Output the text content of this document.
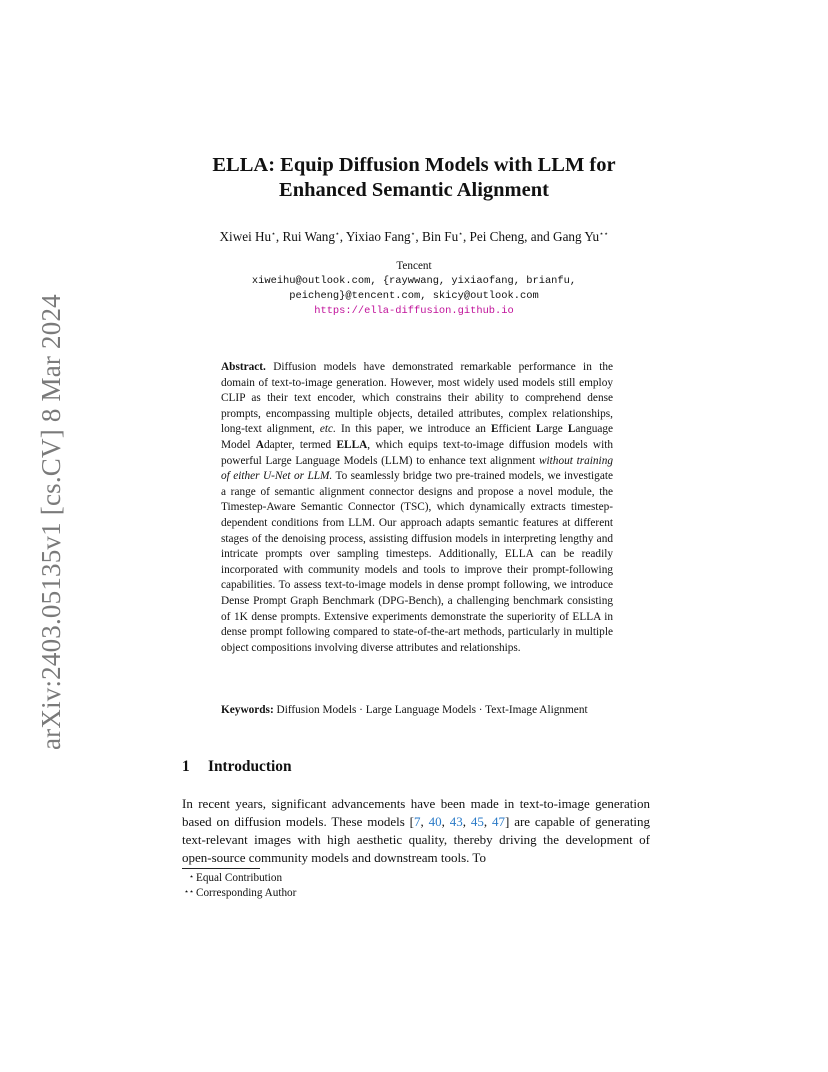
arXiv:2403.05135v1 [cs.CV] 8 Mar 2024
ELLA: Equip Diffusion Models with LLM for
Enhanced Semantic Alignment
Xiwei Hu⋆, Rui Wang⋆, Yixiao Fang⋆, Bin Fu⋆, Pei Cheng, and Gang Yu⋆⋆
Tencent
xiweihu@outlook.com, {raywwang, yixiaofang, brianfu,
peicheng}@tencent.com, skicy@outlook.com
https://ella-diffusion.github.io
Abstract. Diffusion models have demonstrated remarkable performance in the domain of text-to-image generation. However, most widely used models still employ CLIP as their text encoder, which constrains their ability to comprehend dense prompts, encompassing multiple objects, detailed attributes, complex relationships, long-text alignment, etc. In this paper, we introduce an Efficient Large Language Model Adapter, termed ELLA, which equips text-to-image diffusion models with powerful Large Language Models (LLM) to enhance text alignment without training of either U-Net or LLM. To seamlessly bridge two pre-trained models, we investigate a range of semantic alignment connector designs and propose a novel module, the Timestep-Aware Semantic Connector (TSC), which dynamically extracts timestep-dependent conditions from LLM. Our approach adapts semantic features at different stages of the denoising process, assisting diffusion models in interpreting lengthy and intricate prompts over sampling timesteps. Additionally, ELLA can be readily incorporated with community models and tools to improve their prompt-following capabilities. To assess text-to-image models in dense prompt following, we introduce Dense Prompt Graph Benchmark (DPG-Bench), a challenging benchmark consisting of 1K dense prompts. Extensive experiments demonstrate the superiority of ELLA in dense prompt following compared to state-of-the-art methods, particularly in multiple object compositions involving diverse attributes and relationships.
Keywords: Diffusion Models · Large Language Models · Text-Image Alignment
1 Introduction

In recent years, significant advancements have been made in text-to-image generation based on diffusion models. These models [7, 40, 43, 45, 47] are capable of generating text-relevant images with high aesthetic quality, thereby driving the development of open-source community models and downstream tools. To

⋆ Equal Contribution
⋆⋆ Corresponding Author
